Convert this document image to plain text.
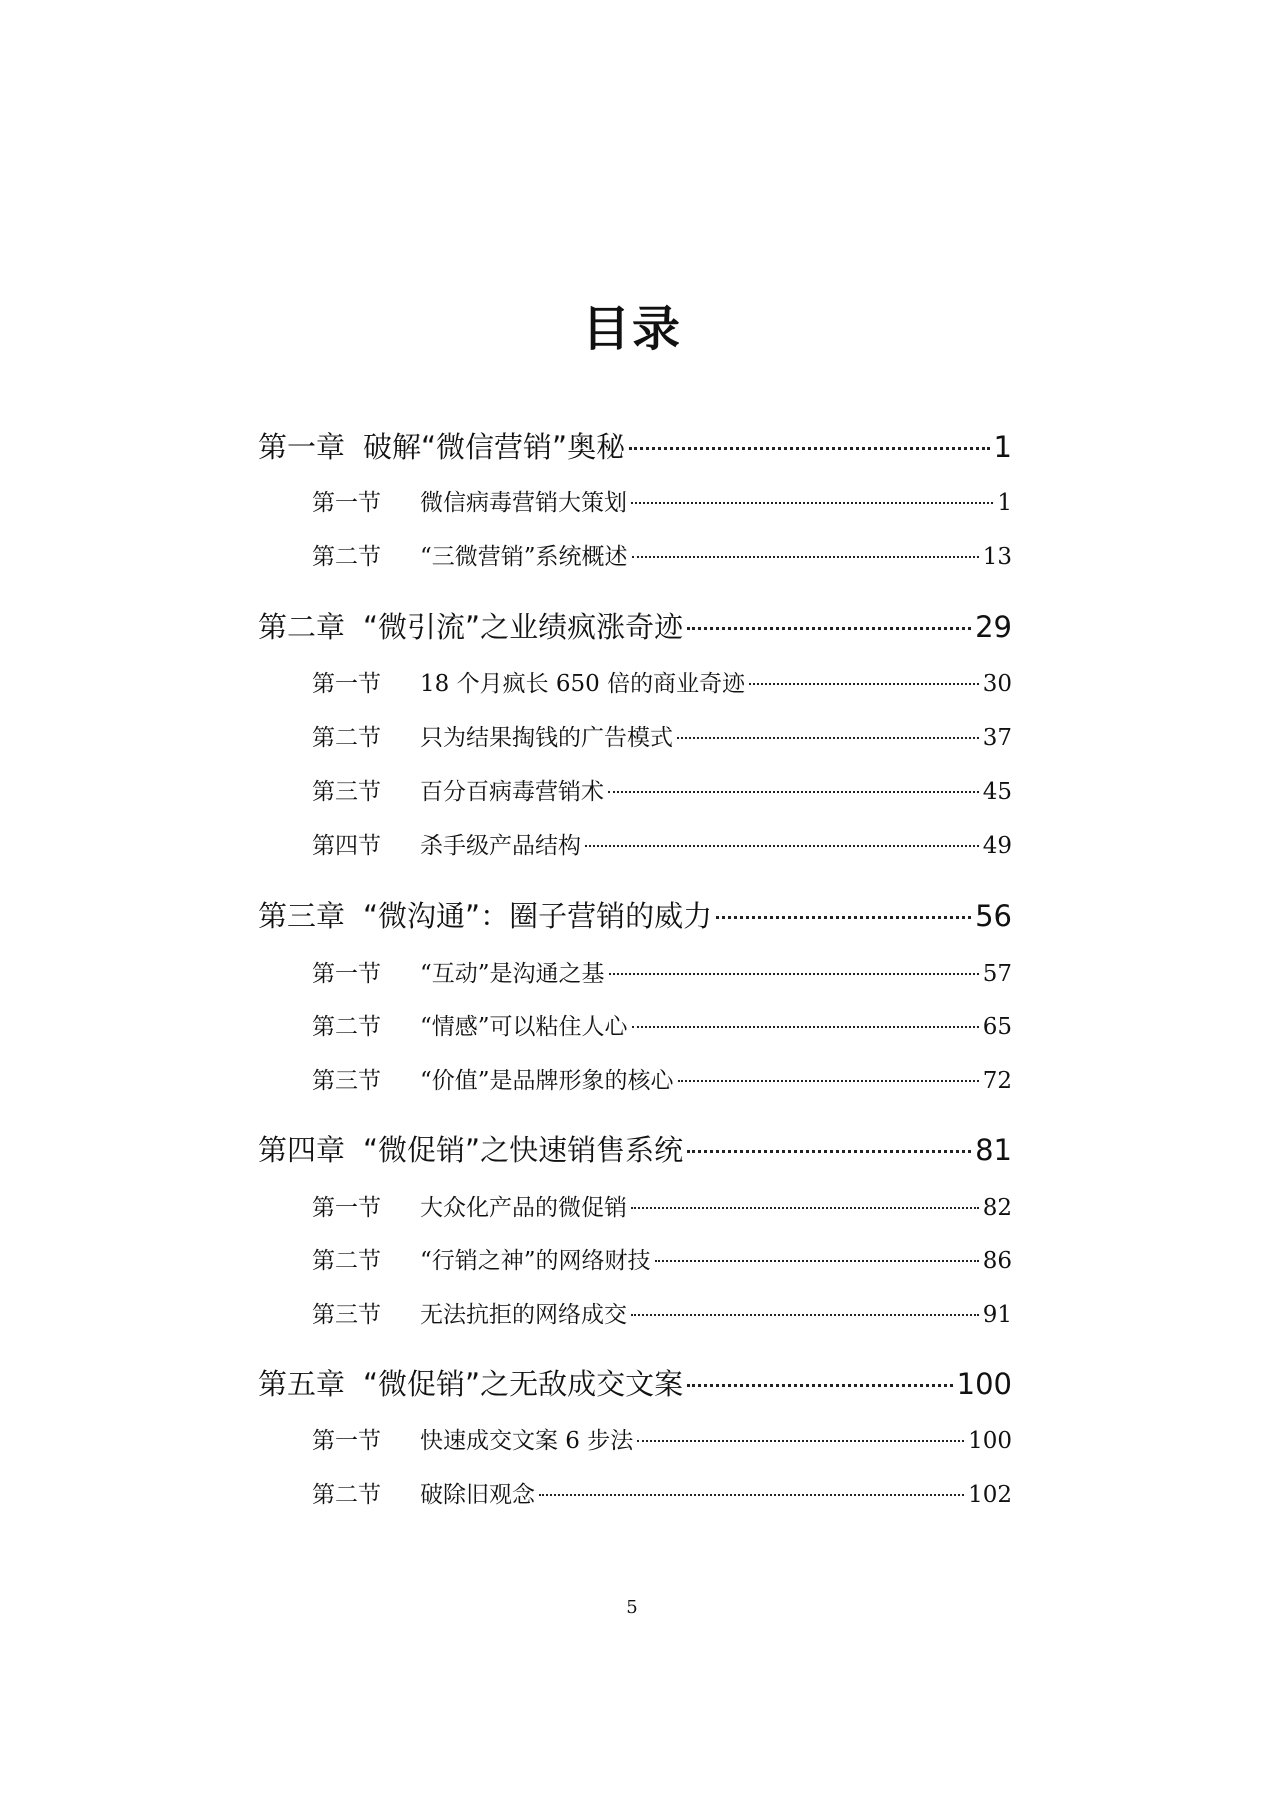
目录
第一章 破解“微信营销”奥秘	1
第一节	微信病毒营销大策划	1
第二节	“三微营销”系统概述	13
第二章 “微引流”之业绩疯涨奇迹	29
第一节	18 个月疯长 650 倍的商业奇迹	30
第二节	只为结果掏钱的广告模式	37
第三节	百分百病毒营销术	45
第四节	杀手级产品结构	49
第三章 “微沟通”：圈子营销的威力	56
第一节	“互动”是沟通之基	57
第二节	“情感”可以粘住人心	65
第三节	“价值”是品牌形象的核心	72
第四章 “微促销”之快速销售系统	81
第一节	大众化产品的微促销	82
第二节	“行销之神”的网络财技	86
第三节	无法抗拒的网络成交	91
第五章 “微促销”之无敌成交文案	100
第一节	快速成交文案 6 步法	100
第二节	破除旧观念	102
5
